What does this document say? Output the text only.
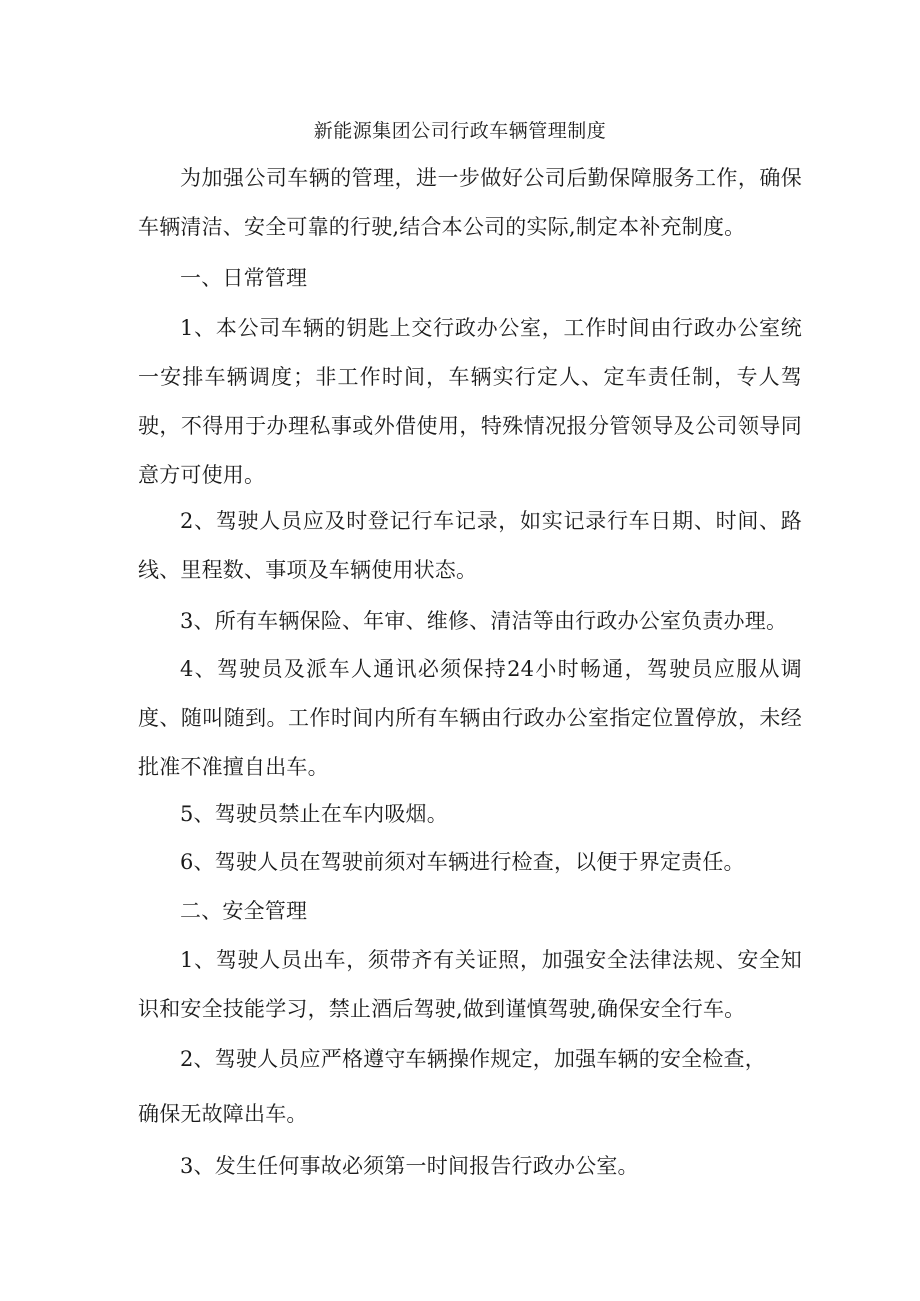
新能源集团公司行政车辆管理制度

为加强公司车辆的管理，进一步做好公司后勤保障服务工作，确保车辆清洁、安全可靠的行驶,结合本公司的实际,制定本补充制度。

一、日常管理

1、本公司车辆的钥匙上交行政办公室，工作时间由行政办公室统一安排车辆调度；非工作时间，车辆实行定人、定车责任制，专人驾驶，不得用于办理私事或外借使用，特殊情况报分管领导及公司领导同意方可使用。

2、驾驶人员应及时登记行车记录，如实记录行车日期、时间、路线、里程数、事项及车辆使用状态。

3、所有车辆保险、年审、维修、清洁等由行政办公室负责办理。

4、驾驶员及派车人通讯必须保持24小时畅通，驾驶员应服从调度、随叫随到。工作时间内所有车辆由行政办公室指定位置停放，未经批准不准擅自出车。

5、驾驶员禁止在车内吸烟。

6、驾驶人员在驾驶前须对车辆进行检查，以便于界定责任。

二、安全管理

1、驾驶人员出车，须带齐有关证照，加强安全法律法规、安全知识和安全技能学习，禁止酒后驾驶,做到谨慎驾驶,确保安全行车。

2、驾驶人员应严格遵守车辆操作规定，加强车辆的安全检查，

确保无故障出车。

3、发生任何事故必须第一时间报告行政办公室。
